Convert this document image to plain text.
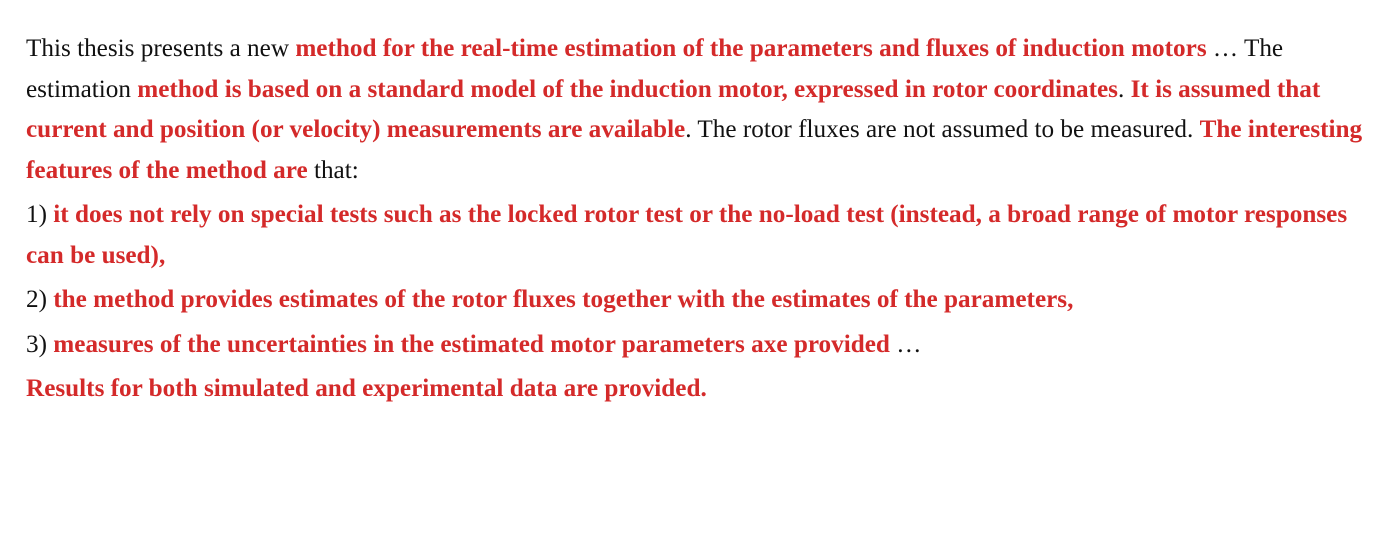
This thesis presents a new method for the real-time estimation of the parameters and fluxes of induction motors … The estimation method is based on a standard model of the induction motor, expressed in rotor coordinates. It is assumed that current and position (or velocity) measurements are available. The rotor fluxes are not assumed to be measured. The interesting features of the method are that:

1) it does not rely on special tests such as the locked rotor test or the no-load test (instead, a broad range of motor responses can be used),

2) the method provides estimates of the rotor fluxes together with the estimates of the parameters,

3) measures of the uncertainties in the estimated motor parameters axe provided …

Results for both simulated and experimental data are provided.
